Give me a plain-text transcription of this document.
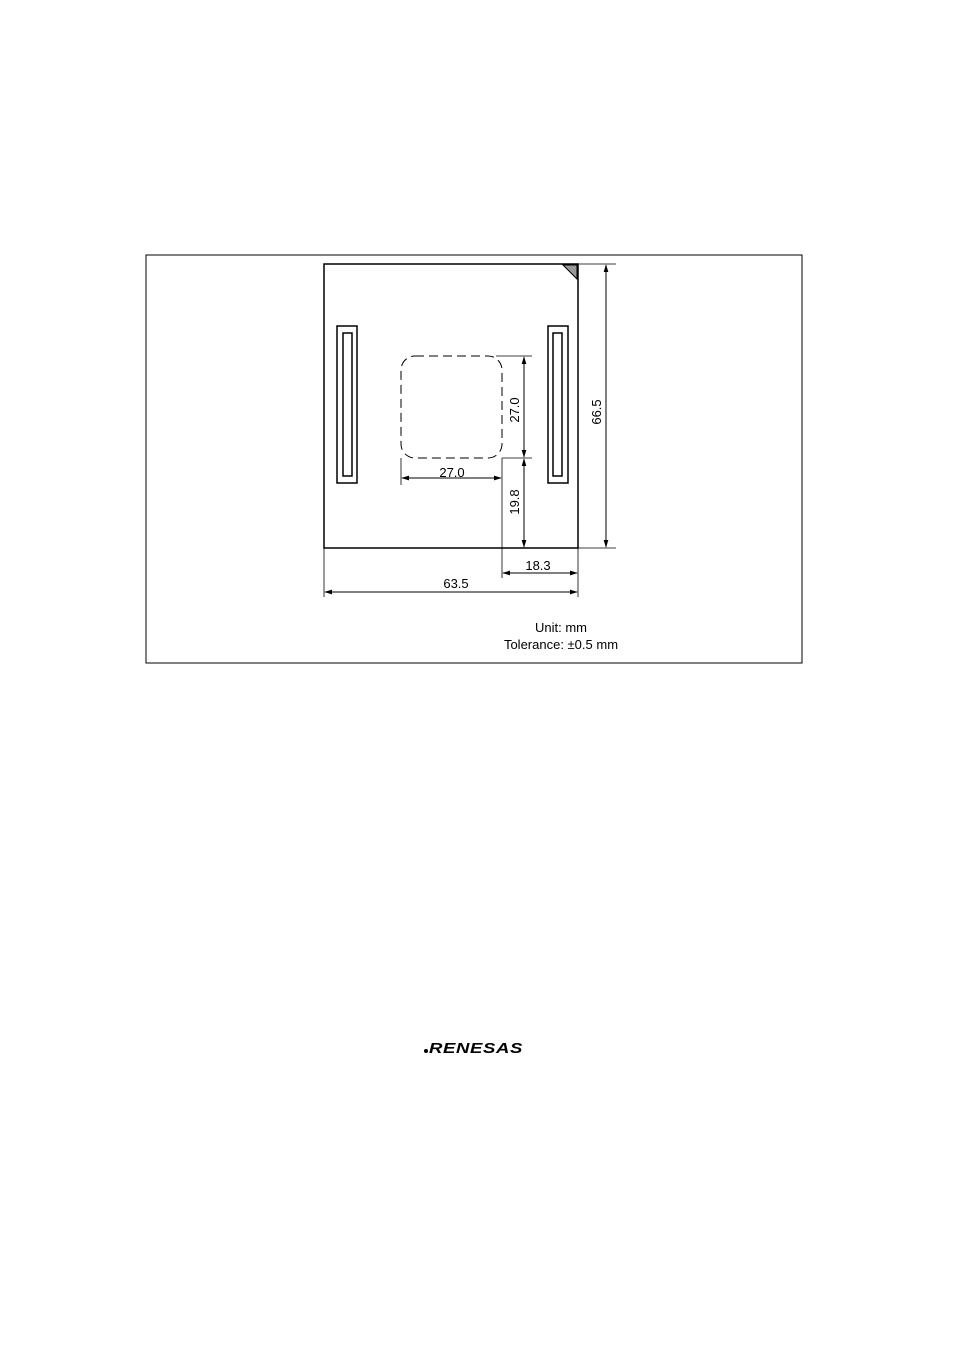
66.5
27.0
19.8
27.0
18.3
63.5
Unit: mm
Tolerance: ±0.5 mm
RENESAS
